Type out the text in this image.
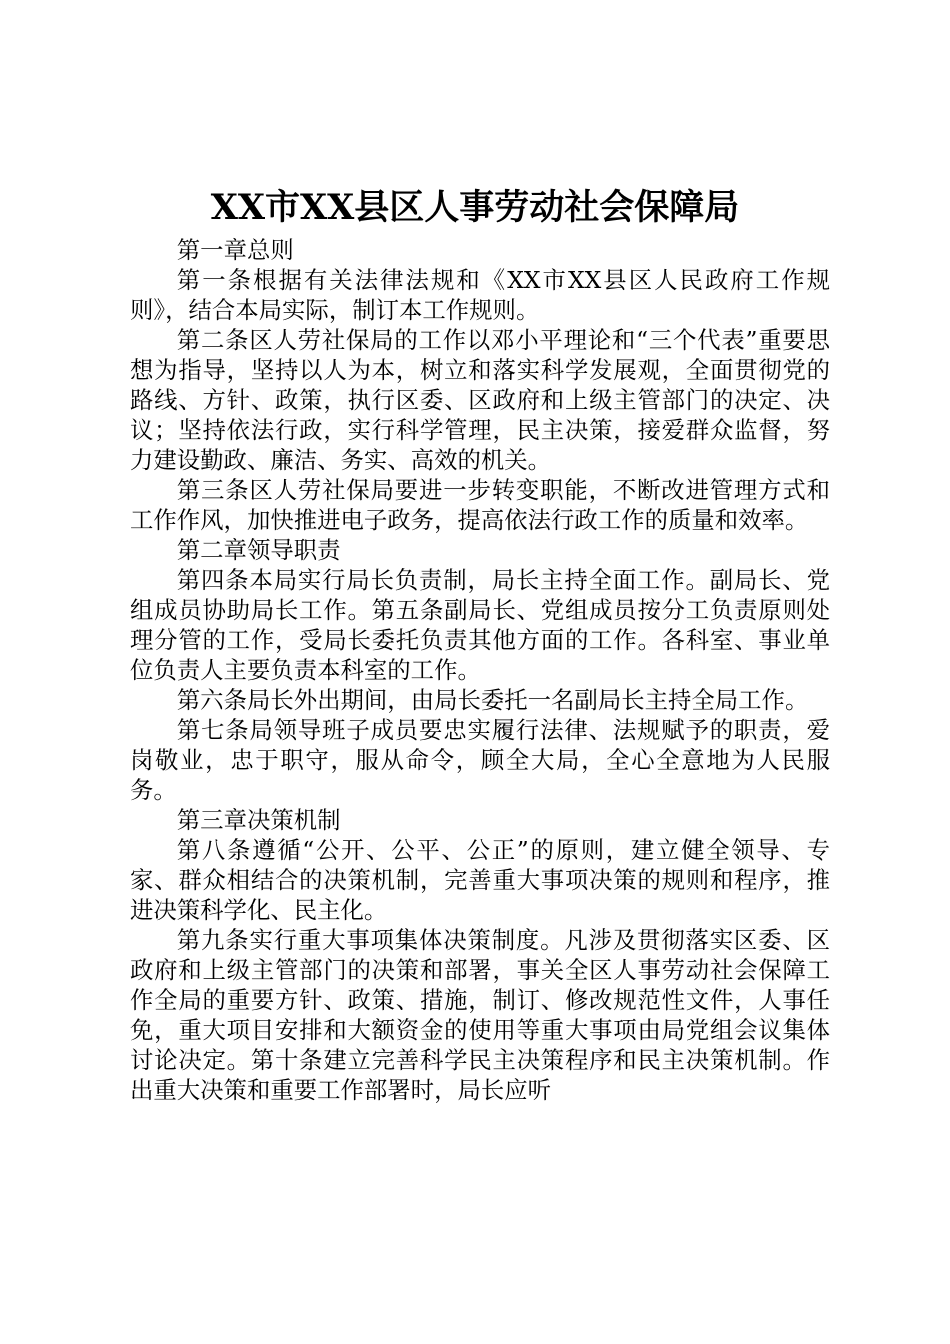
XX市XX县区人事劳动社会保障局

第一章总则

第一条根据有关法律法规和《XX市XX县区人民政府工作规则》，结合本局实际，制订本工作规则。

第二条区人劳社保局的工作以邓小平理论和“三个代表”重要思想为指导，坚持以人为本，树立和落实科学发展观，全面贯彻党的路线、方针、政策，执行区委、区政府和上级主管部门的决定、决议；坚持依法行政，实行科学管理，民主决策，接爱群众监督，努力建设勤政、廉洁、务实、高效的机关。

第三条区人劳社保局要进一步转变职能，不断改进管理方式和工作作风，加快推进电子政务，提高依法行政工作的质量和效率。

第二章领导职责

第四条本局实行局长负责制，局长主持全面工作。副局长、党组成员协助局长工作。第五条副局长、党组成员按分工负责原则处理分管的工作，受局长委托负责其他方面的工作。各科室、事业单位负责人主要负责本科室的工作。

第六条局长外出期间，由局长委托一名副局长主持全局工作。

第七条局领导班子成员要忠实履行法律、法规赋予的职责，爱岗敬业，忠于职守，服从命令，顾全大局，全心全意地为人民服务。

第三章决策机制

第八条遵循“公开、公平、公正”的原则，建立健全领导、专家、群众相结合的决策机制，完善重大事项决策的规则和程序，推进决策科学化、民主化。

第九条实行重大事项集体决策制度。凡涉及贯彻落实区委、区政府和上级主管部门的决策和部署，事关全区人事劳动社会保障工作全局的重要方针、政策、措施，制订、修改规范性文件，人事任免，重大项目安排和大额资金的使用等重大事项由局党组会议集体讨论决定。第十条建立完善科学民主决策程序和民主决策机制。作出重大决策和重要工作部署时，局长应听
